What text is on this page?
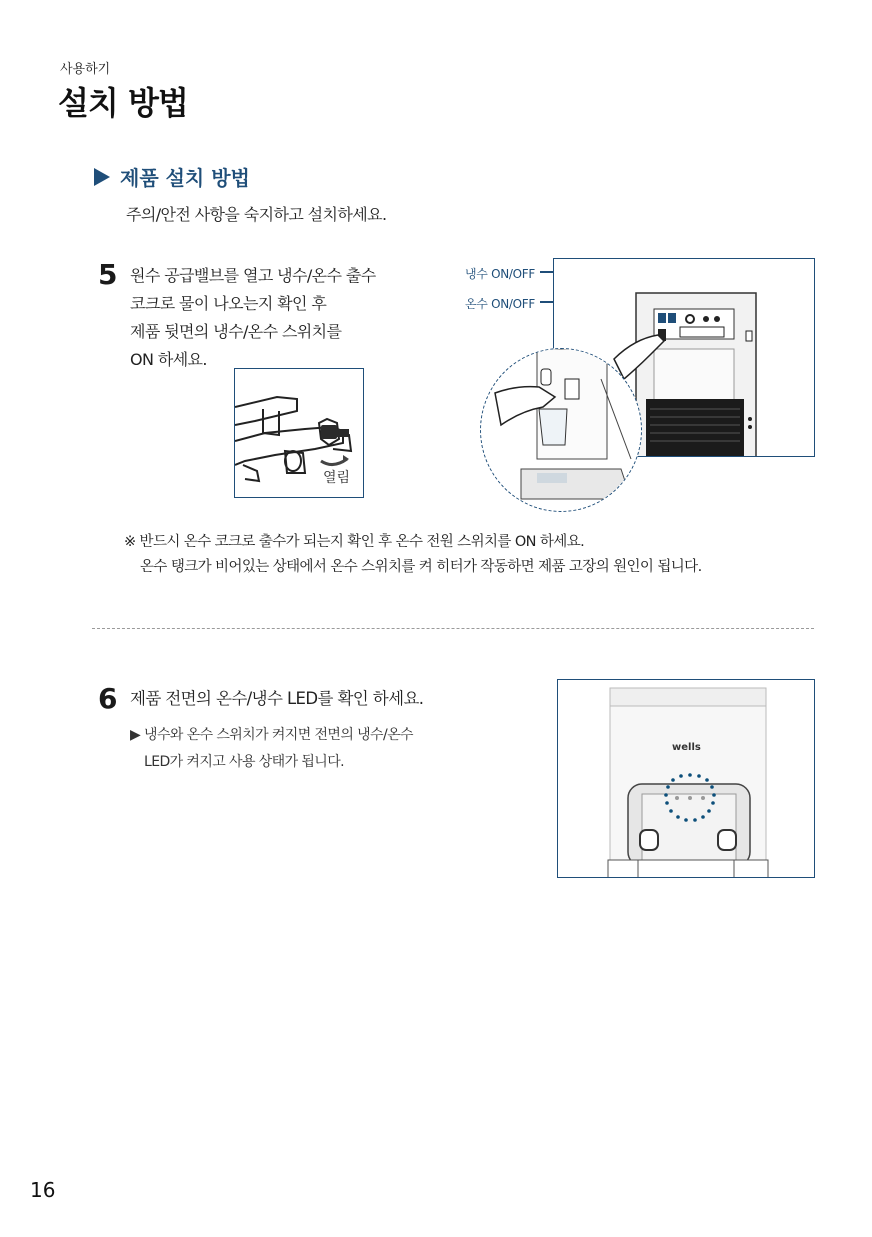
사용하기
설치 방법
제품 설치 방법
주의/안전 사항을 숙지하고 설치하세요.
5 원수 공급밸브를 열고 냉수/온수 출수
코크로 물이 나오는지 확인 후
제품 뒷면의 냉수/온수 스위치를
ON 하세요.
열림
냉수 ON/OFF
온수 ON/OFF
※ 반드시 온수 코크로 출수가 되는지 확인 후 온수 전원 스위치를 ON 하세요.
온수 탱크가 비어있는 상태에서 온수 스위치를 켜 히터가 작동하면 제품 고장의 원인이 됩니다.
6 제품 전면의 온수/냉수 LED를 확인 하세요.
▶ 냉수와 온수 스위치가 켜지면 전면의 냉수/온수
LED가 켜지고 사용 상태가 됩니다.
wells
16
